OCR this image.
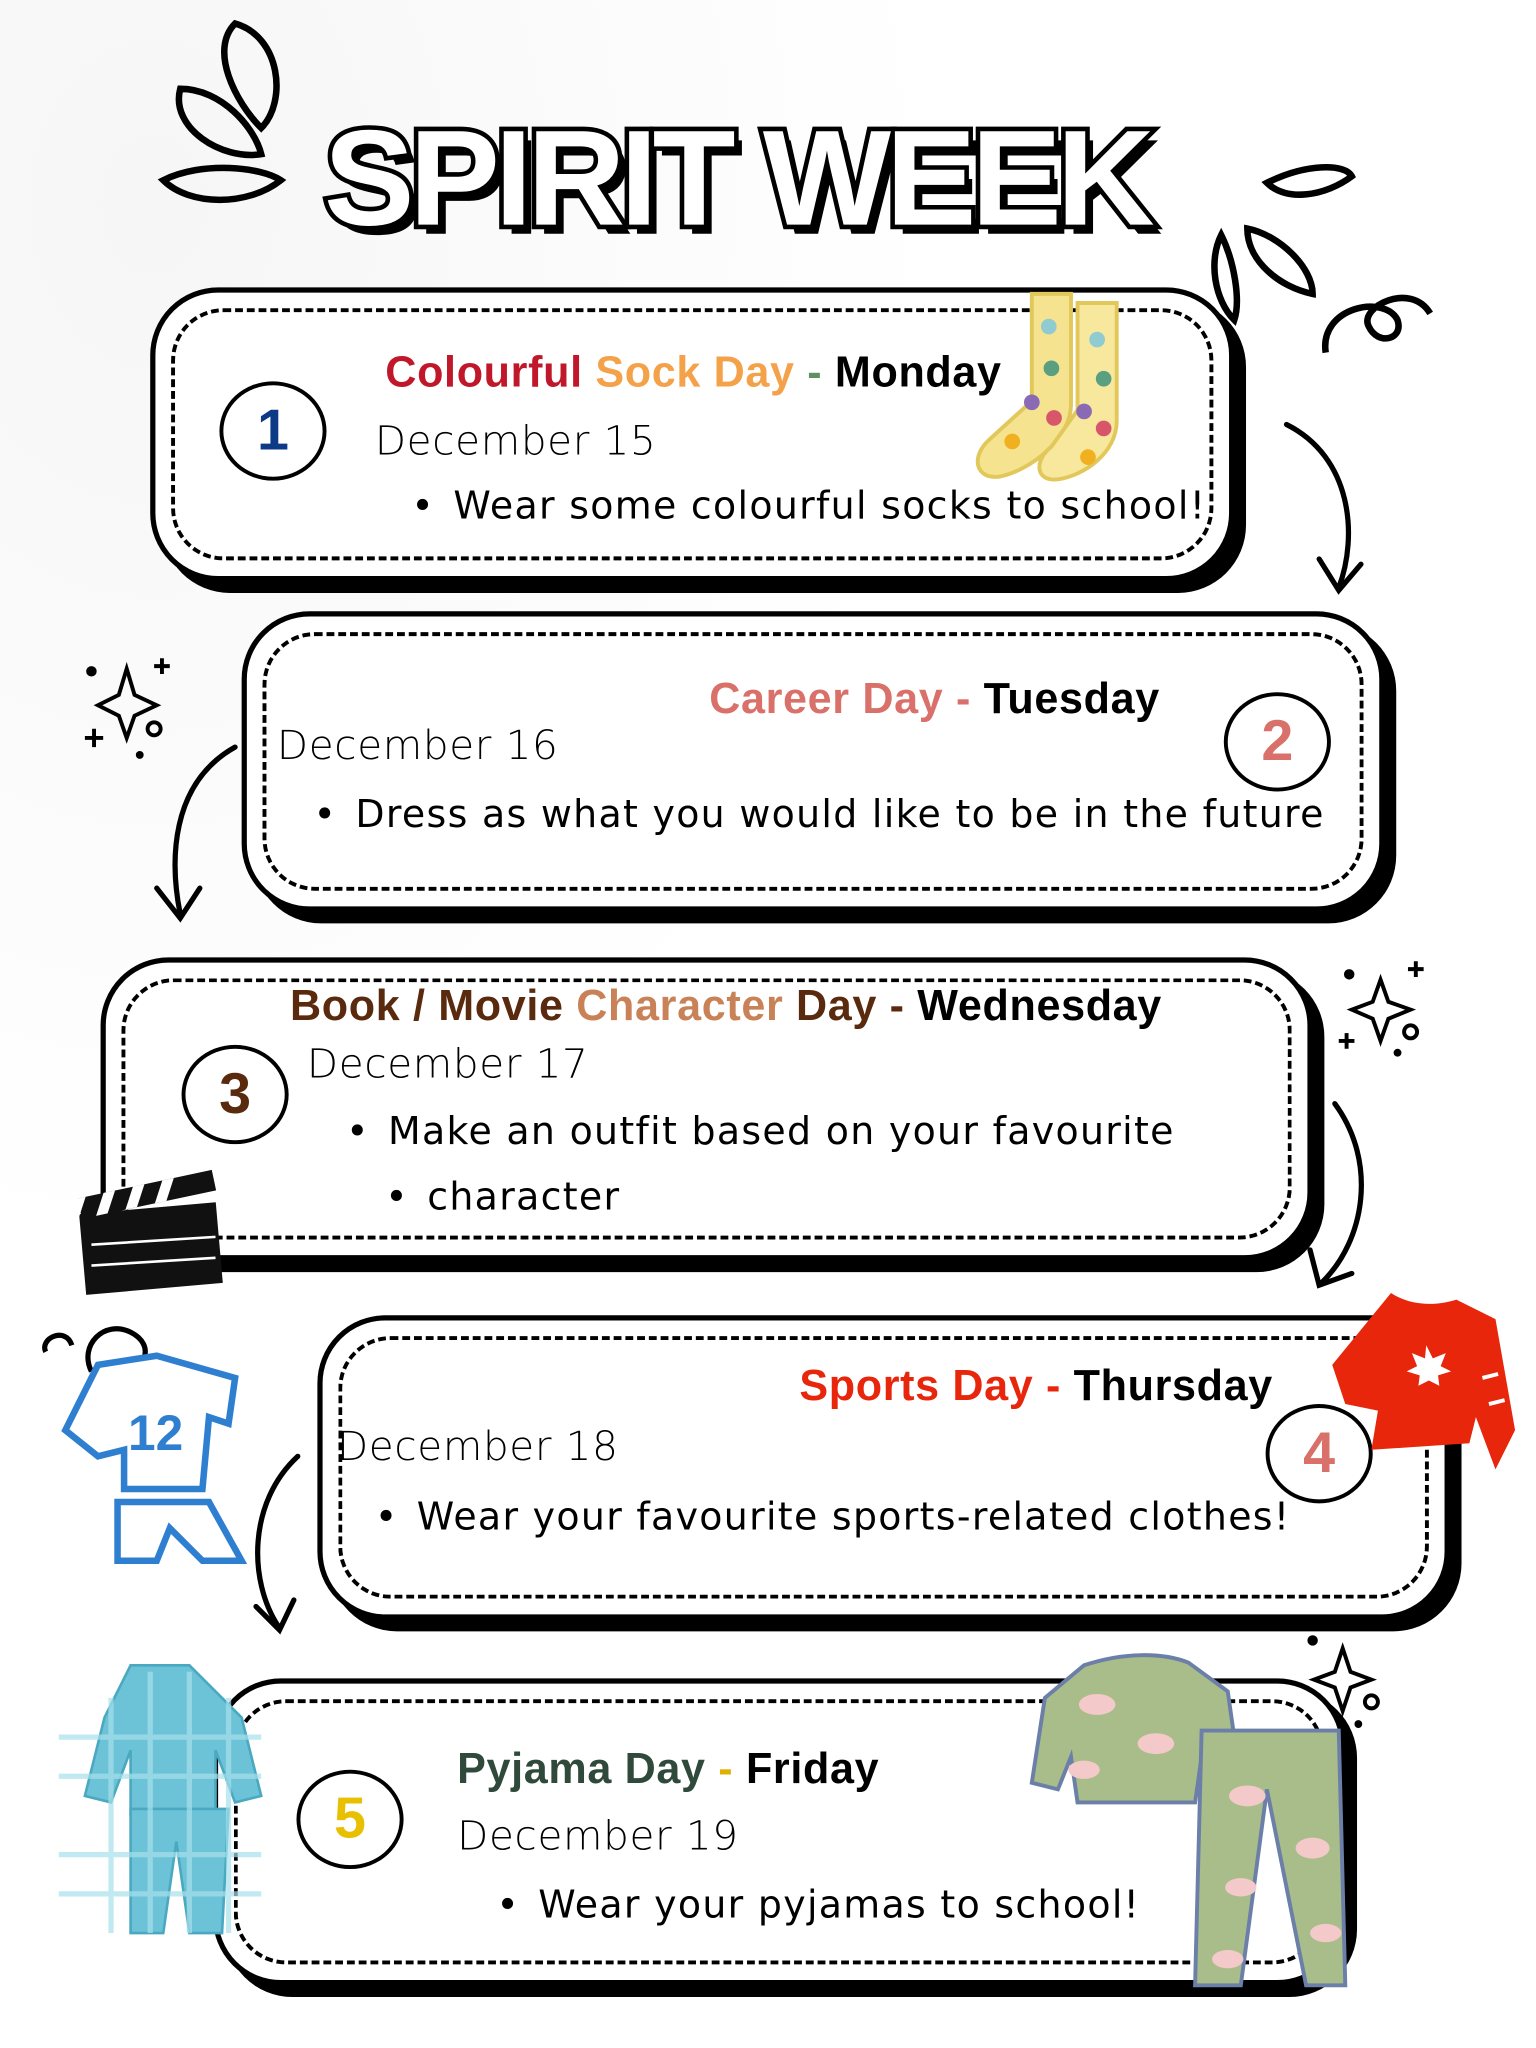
SPIRIT WEEK
1
Colourful Sock Day - Monday
December 15
• Wear some colourful socks to school!
2
Career Day - Tuesday
December 16
• Dress as what you would like to be in the future
3
Book / Movie Character Day - Wednesday
December 17
• Make an outfit based on your favourite
• character
4
Sports Day - Thursday
December 18
• Wear your favourite sports-related clothes!
12
5
Pyjama Day - Friday
December 19
• Wear your pyjamas to school!
